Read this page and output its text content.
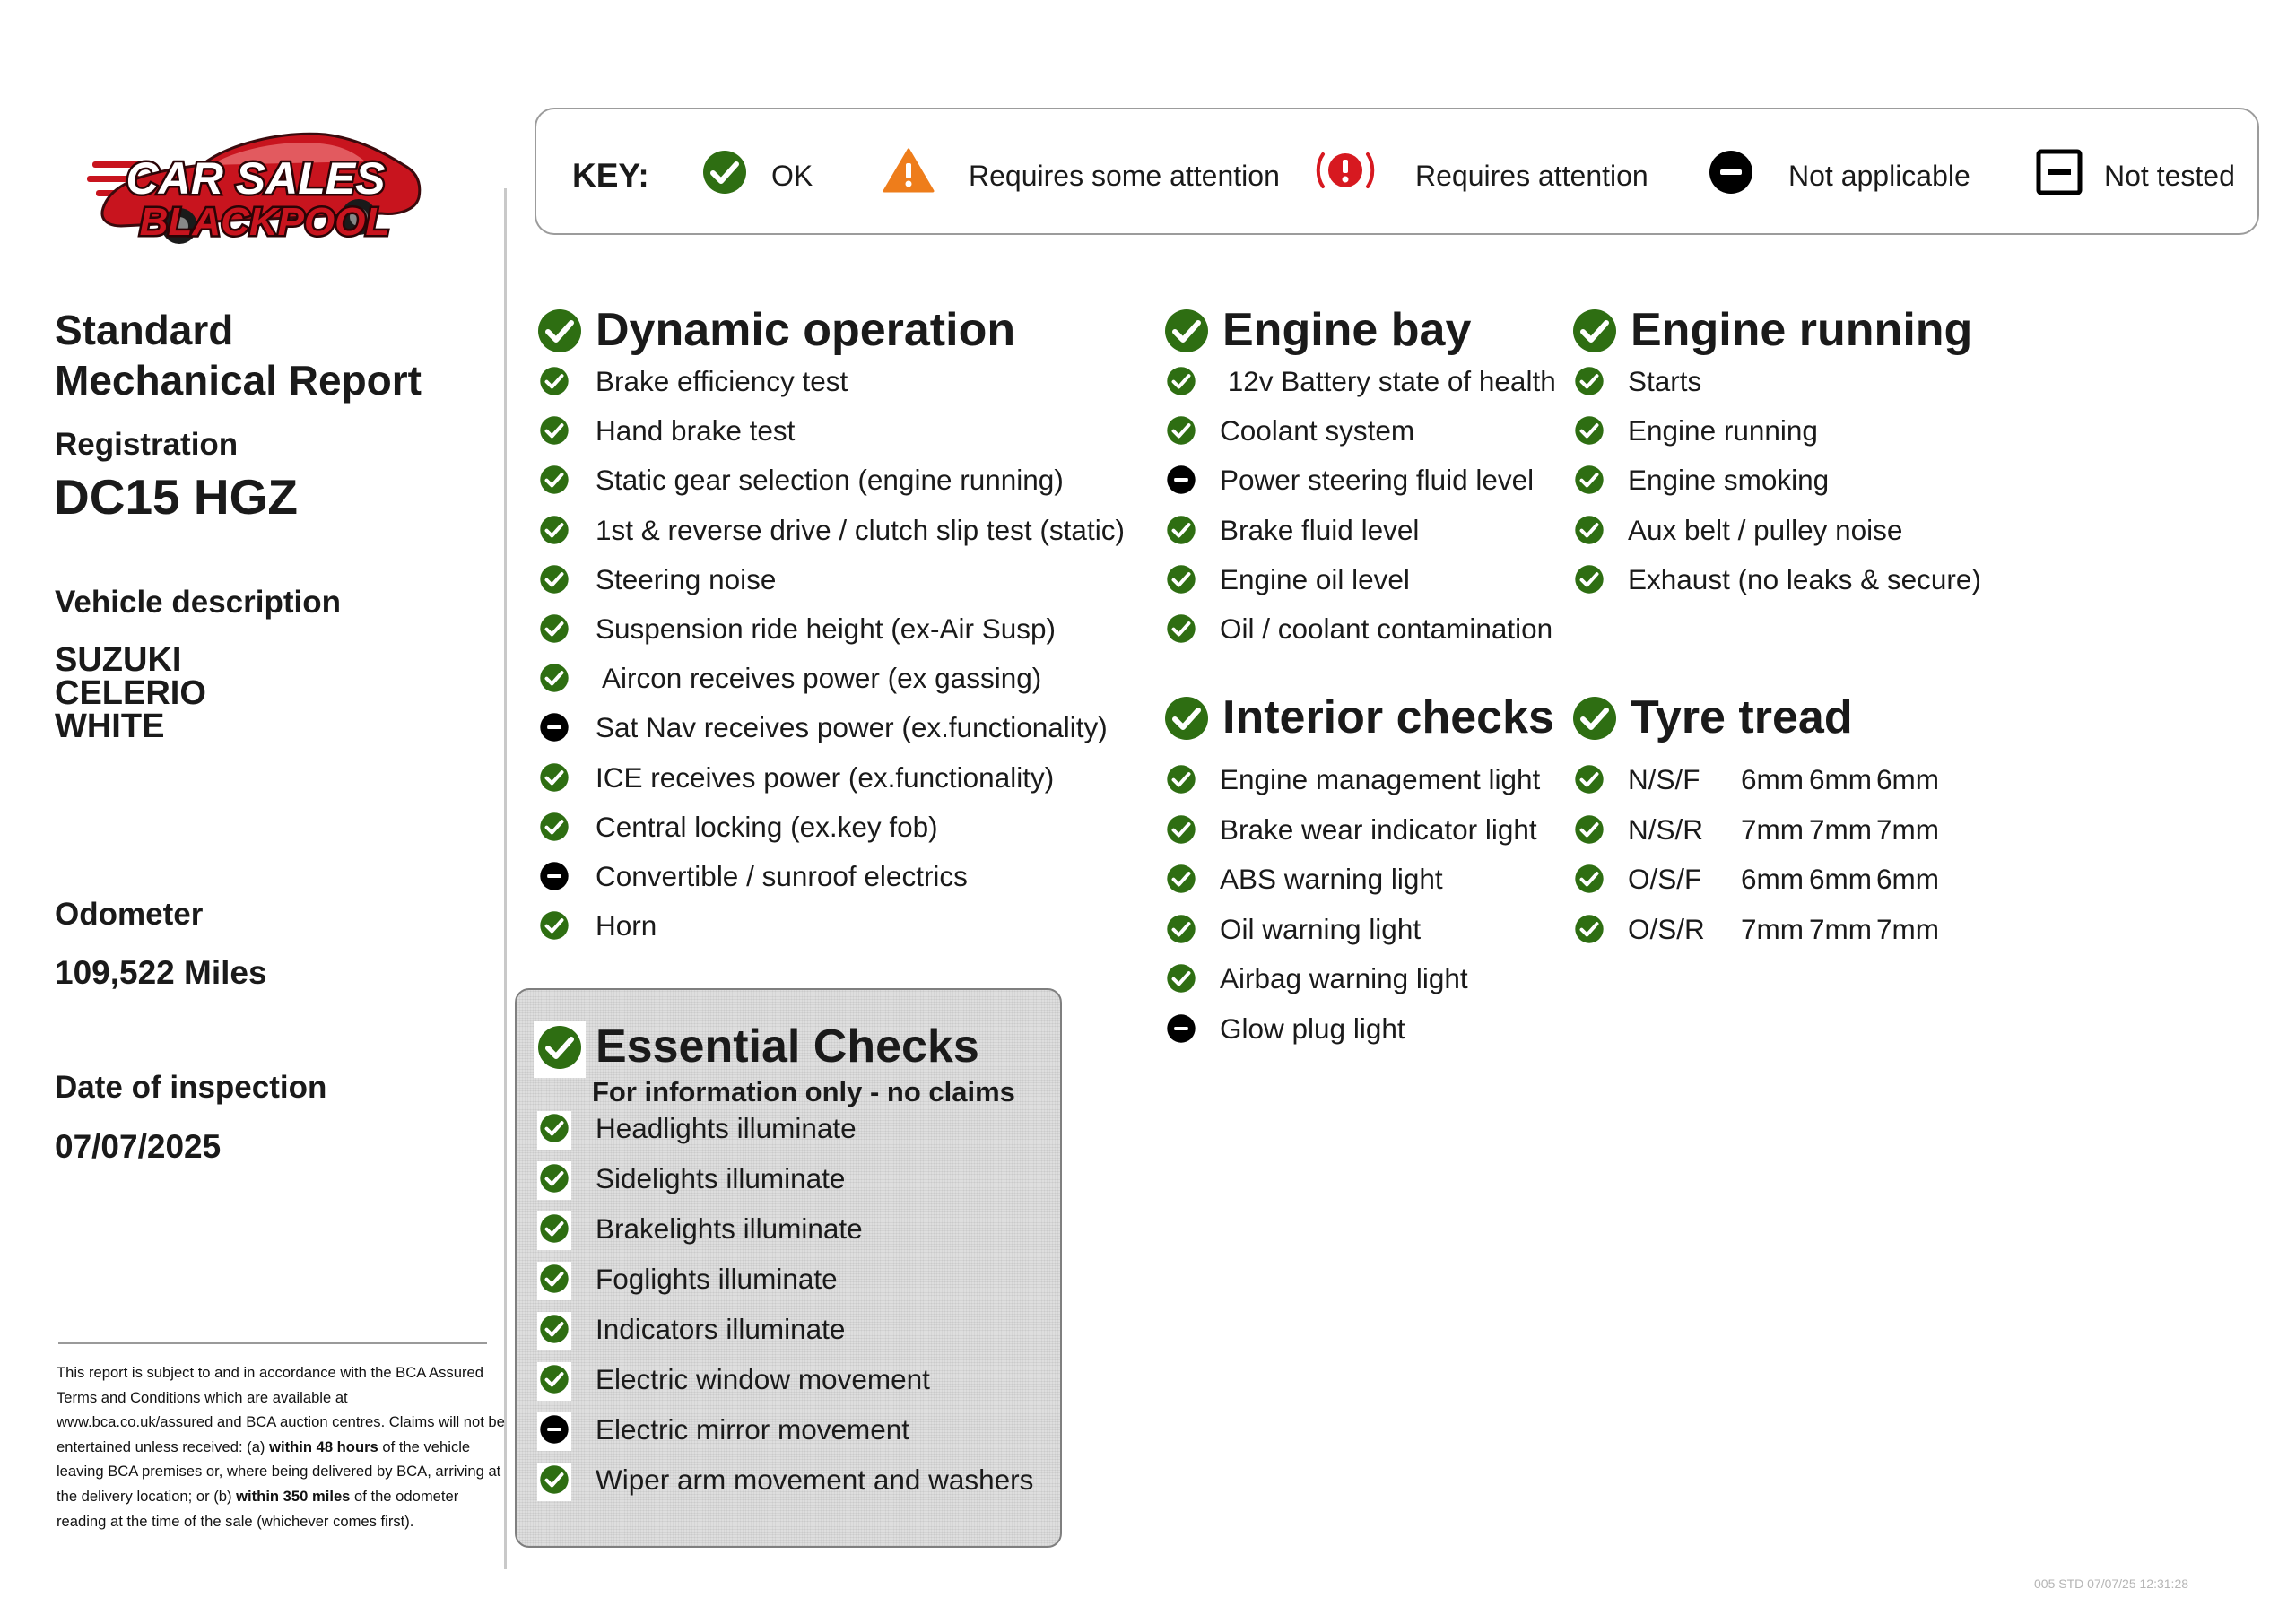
CAR SALES
BLACKPOOL
Standard
Mechanical Report
Registration
DC15 HGZ
Vehicle description
SUZUKI
CELERIO
WHITE
Odometer
109,522 Miles
Date of inspection
07/07/2025
This report is subject to and in accordance with the BCA Assured Terms and Conditions which are available at www.bca.co.uk/assured and BCA auction centres. Claims will not be entertained unless received: (a) within 48 hours of the vehicle leaving BCA premises or, where being delivered by BCA, arriving at the delivery location; or (b) within 350 miles of the odometer reading at the time of the sale (whichever comes first).
KEY:	OK	Requires some attention	Requires attention	Not applicable	Not tested
Dynamic operation
Brake efficiency test
Hand brake test
Static gear selection (engine running)
1st & reverse drive / clutch slip test (static)
Steering noise
Suspension ride height (ex-Air Susp)
Aircon receives power (ex gassing)
Sat Nav receives power (ex.functionality)
ICE receives power (ex.functionality)
Central locking (ex.key fob)
Convertible / sunroof electrics
Horn
Engine bay
12v Battery state of health
Coolant system
Power steering fluid level
Brake fluid level
Engine oil level
Oil / coolant contamination
Engine running
Starts
Engine running
Engine smoking
Aux belt / pulley noise
Exhaust (no leaks & secure)
Interior checks
Engine management light
Brake wear indicator light
ABS warning light
Oil warning light
Airbag warning light
Glow plug light
Tyre tread
N/S/F 6mm 6mm 6mm
N/S/R 7mm 7mm 7mm
O/S/F 6mm 6mm 6mm
O/S/R 7mm 7mm 7mm
Essential Checks
Headlights illuminate
Sidelights illuminate
Brakelights illuminate
Foglights illuminate
Indicators illuminate
Electric window movement
Electric mirror movement
Wiper arm movement and washers
For information only - no claims
005 STD 07/07/25 12:31:28
